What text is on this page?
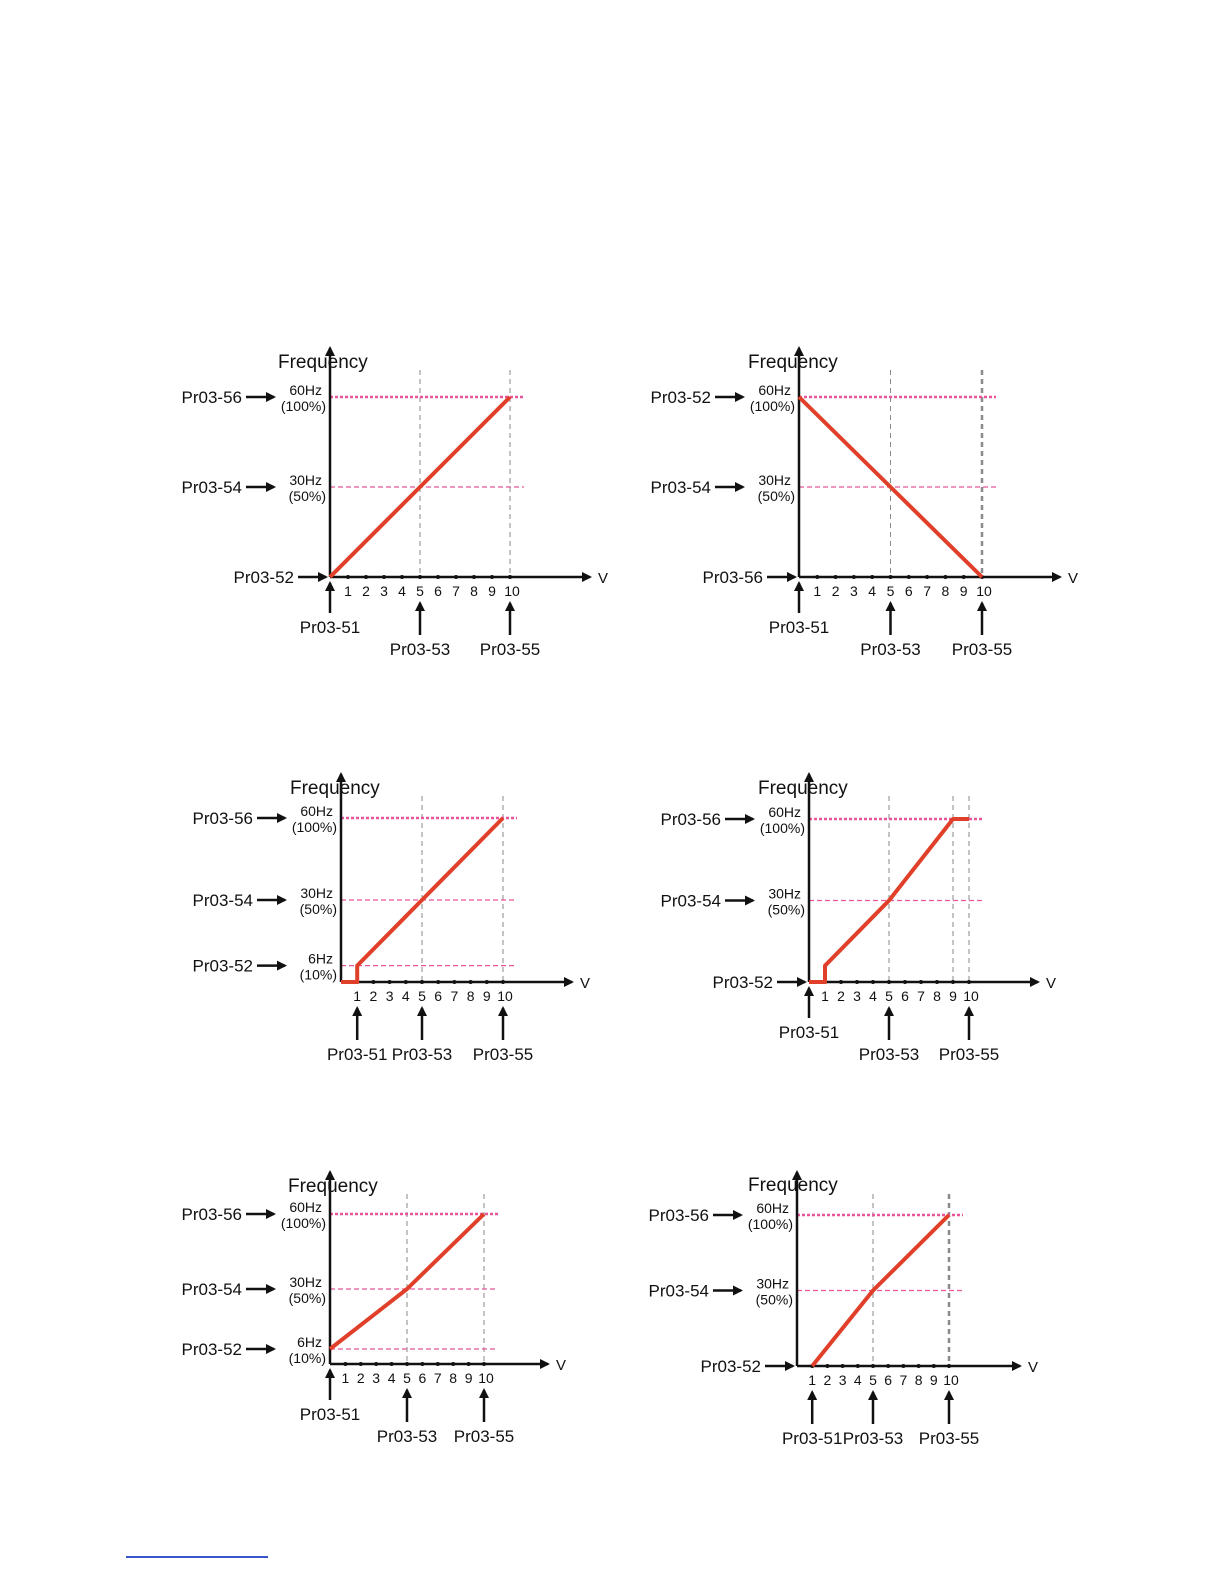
Frequency
V
1 2 3 4 5 6 7 8 9 10
60Hz
(100%)
Pr03-56
30Hz
(50%)
Pr03-54
Pr03-52
Pr03-51
Pr03-53 Pr03-55
Frequency
V
1 2 3 4 5 6 7 8 9 10
60Hz
(100%)
Pr03-52
30Hz
(50%)
Pr03-54
Pr03-56
Pr03-51
Pr03-53 Pr03-55
Frequency
V
1 2 3 4 5 6 7 8 9 10
60Hz
(100%)
Pr03-56
30Hz
(50%)
Pr03-54
6Hz
(10%)
Pr03-52
Pr03-51 Pr03-53 Pr03-55
Frequency
V
1 2 3 4 5 6 7 8 9 10
60Hz
(100%)
Pr03-56
30Hz
(50%)
Pr03-54
Pr03-52
Pr03-51
Pr03-53 Pr03-55
Frequency
V
1 2 3 4 5 6 7 8 9 10
60Hz
(100%)
Pr03-56
30Hz
(50%)
Pr03-54
6Hz
(10%)
Pr03-52
Pr03-51
Pr03-53 Pr03-55
Frequency
V
1 2 3 4 5 6 7 8 9 10
60Hz
(100%)
Pr03-56
30Hz
(50%)
Pr03-54
Pr03-52
Pr03-51 Pr03-53 Pr03-55
